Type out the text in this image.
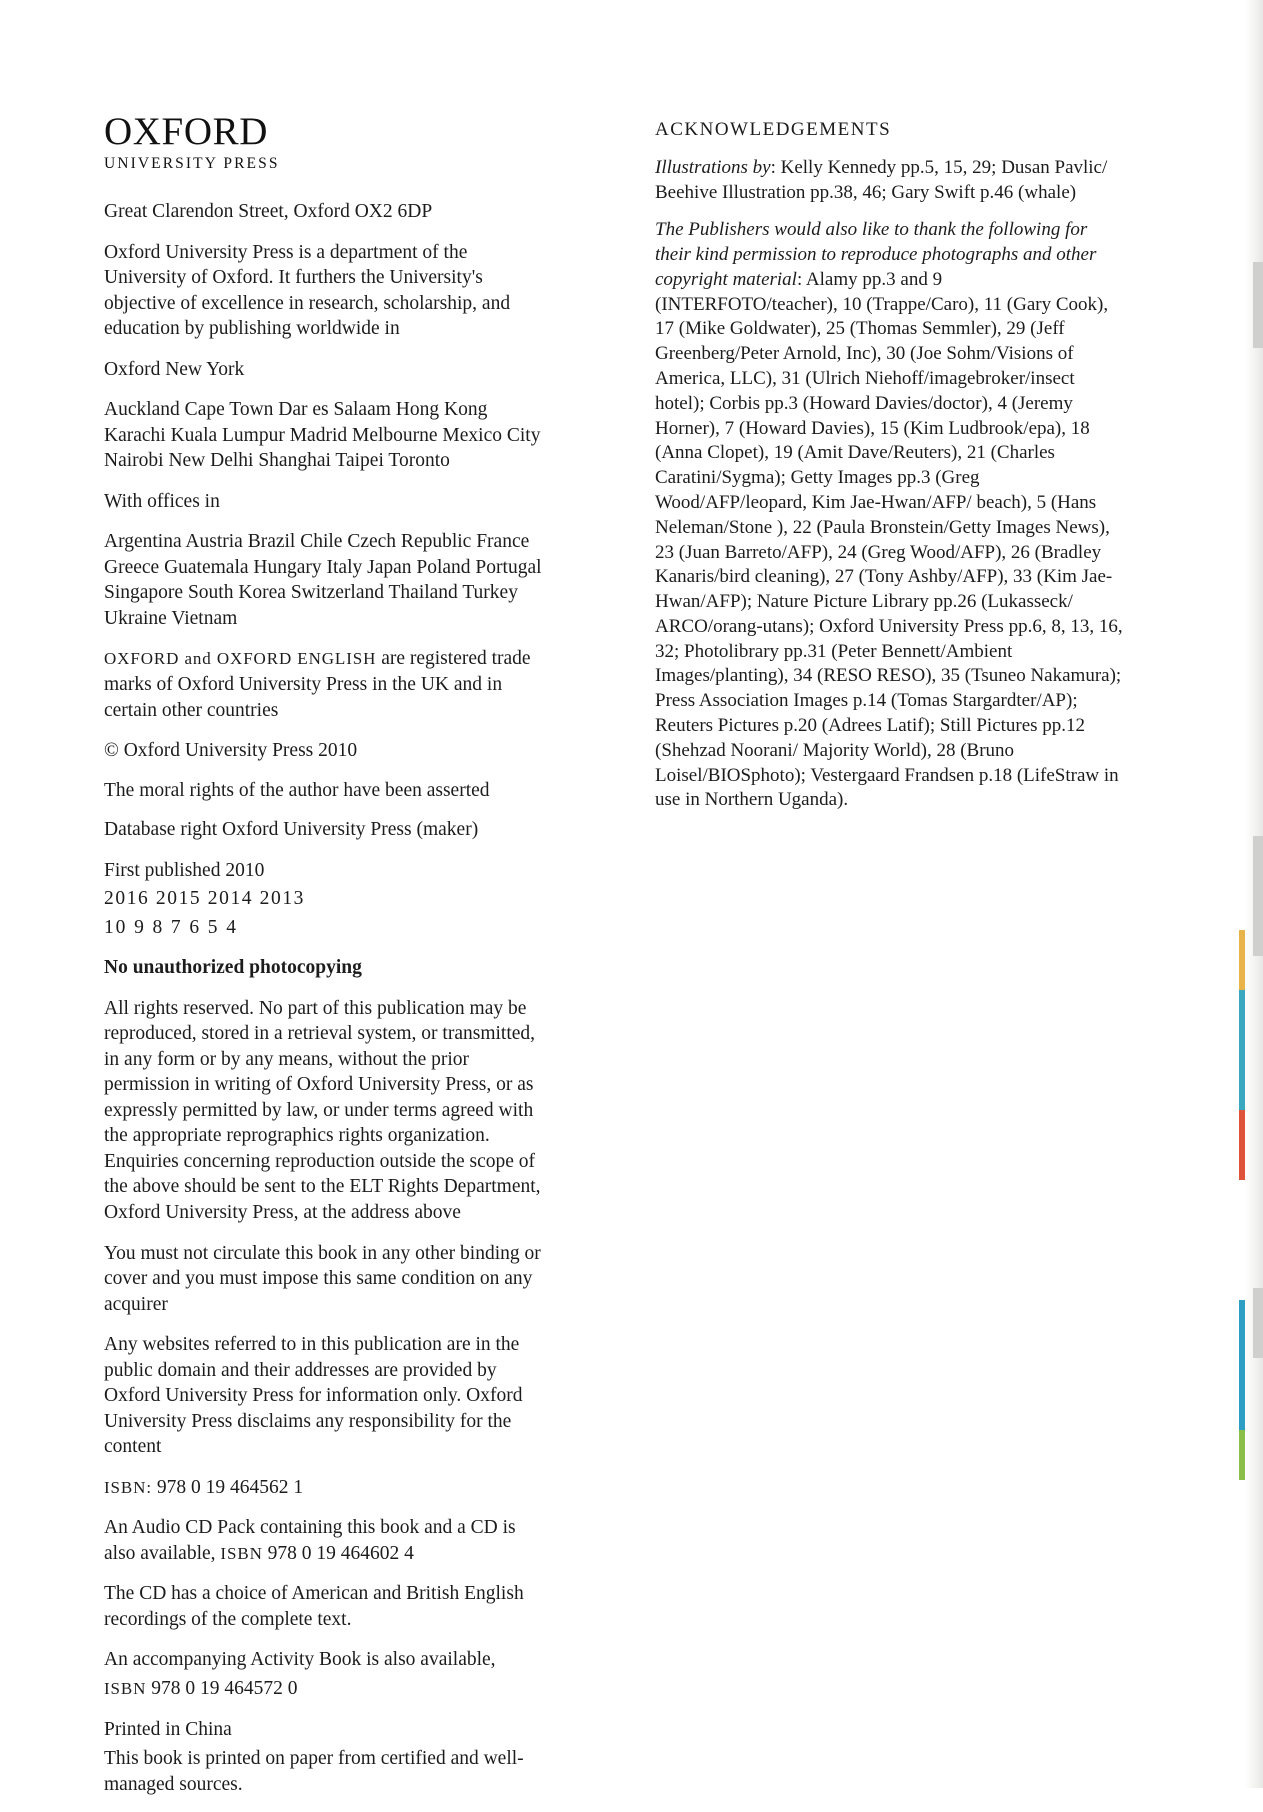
OXFORD
UNIVERSITY PRESS

Great Clarendon Street, Oxford OX2 6DP

Oxford University Press is a department of the University of Oxford. It furthers the University's objective of excellence in research, scholarship, and education by publishing worldwide in

Oxford New York

Auckland Cape Town Dar es Salaam Hong Kong Karachi Kuala Lumpur Madrid Melbourne Mexico City Nairobi New Delhi Shanghai Taipei Toronto

With offices in

Argentina Austria Brazil Chile Czech Republic France Greece Guatemala Hungary Italy Japan Poland Portugal Singapore South Korea Switzerland Thailand Turkey Ukraine Vietnam

OXFORD and OXFORD ENGLISH are registered trade marks of Oxford University Press in the UK and in certain other countries

© Oxford University Press 2010

The moral rights of the author have been asserted

Database right Oxford University Press (maker)

First published 2010

2016 2015 2014 2013

10 9 8 7 6 5 4

No unauthorized photocopying

All rights reserved. No part of this publication may be reproduced, stored in a retrieval system, or transmitted, in any form or by any means, without the prior permission in writing of Oxford University Press, or as expressly permitted by law, or under terms agreed with the appropriate reprographics rights organization. Enquiries concerning reproduction outside the scope of the above should be sent to the ELT Rights Department, Oxford University Press, at the address above

You must not circulate this book in any other binding or cover and you must impose this same condition on any acquirer

Any websites referred to in this publication are in the public domain and their addresses are provided by Oxford University Press for information only. Oxford University Press disclaims any responsibility for the content

ISBN: 978 0 19 464562 1

An Audio CD Pack containing this book and a CD is also available, ISBN 978 0 19 464602 4

The CD has a choice of American and British English recordings of the complete text.

An accompanying Activity Book is also available,

ISBN 978 0 19 464572 0

Printed in China

This book is printed on paper from certified and well-managed sources.

ACKNOWLEDGEMENTS

Illustrations by: Kelly Kennedy pp.5, 15, 29; Dusan Pavlic/ Beehive Illustration pp.38, 46; Gary Swift p.46 (whale)

The Publishers would also like to thank the following for their kind permission to reproduce photographs and other copyright material: Alamy pp.3 and 9 (INTERFOTO/teacher), 10 (Trappe/Caro), 11 (Gary Cook), 17 (Mike Goldwater), 25 (Thomas Semmler), 29 (Jeff Greenberg/Peter Arnold, Inc), 30 (Joe Sohm/Visions of America, LLC), 31 (Ulrich Niehoff/imagebroker/insect hotel); Corbis pp.3 (Howard Davies/doctor), 4 (Jeremy Horner), 7 (Howard Davies), 15 (Kim Ludbrook/epa), 18 (Anna Clopet), 19 (Amit Dave/Reuters), 21 (Charles Caratini/Sygma); Getty Images pp.3 (Greg Wood/AFP/leopard, Kim Jae-Hwan/AFP/ beach), 5 (Hans Neleman/Stone ), 22 (Paula Bronstein/Getty Images News), 23 (Juan Barreto/AFP), 24 (Greg Wood/AFP), 26 (Bradley Kanaris/bird cleaning), 27 (Tony Ashby/AFP), 33 (Kim Jae-Hwan/AFP); Nature Picture Library pp.26 (Lukasseck/ ARCO/orang-utans); Oxford University Press pp.6, 8, 13, 16, 32; Photolibrary pp.31 (Peter Bennett/Ambient Images/planting), 34 (RESO RESO), 35 (Tsuneo Nakamura); Press Association Images p.14 (Tomas Stargardter/AP); Reuters Pictures p.20 (Adrees Latif); Still Pictures pp.12 (Shehzad Noorani/ Majority World), 28 (Bruno Loisel/BIOSphoto); Vestergaard Frandsen p.18 (LifeStraw in use in Northern Uganda).
